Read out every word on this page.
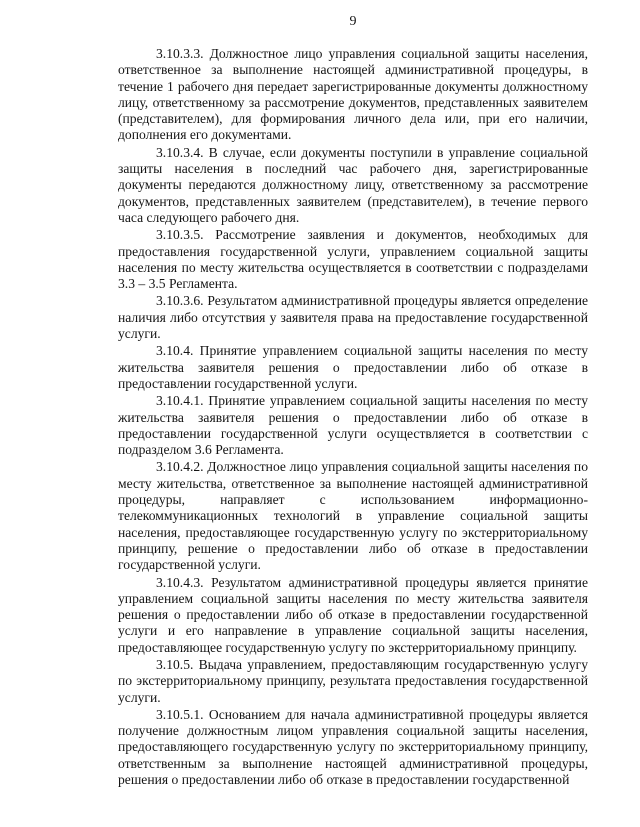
9

3.10.3.3. Должностное лицо управления социальной защиты населения, ответственное за выполнение настоящей административной процедуры, в течение 1 рабочего дня передает зарегистрированные документы должностному лицу, ответственному за рассмотрение документов, представленных заявителем (представителем), для формирования личного дела или, при его наличии, дополнения его документами.

3.10.3.4. В случае, если документы поступили в управление социальной защиты населения в последний час рабочего дня, зарегистрированные документы передаются должностному лицу, ответственному за рассмотрение документов, представленных заявителем (представителем), в течение первого часа следующего рабочего дня.

3.10.3.5. Рассмотрение заявления и документов, необходимых для предоставления государственной услуги, управлением социальной защиты населения по месту жительства осуществляется в соответствии с подразделами 3.3 – 3.5 Регламента.

3.10.3.6. Результатом административной процедуры является определение наличия либо отсутствия у заявителя права на предоставление государственной услуги.

3.10.4. Принятие управлением социальной защиты населения по месту жительства заявителя решения о предоставлении либо об отказе в предоставлении государственной услуги.

3.10.4.1. Принятие управлением социальной защиты населения по месту жительства заявителя решения о предоставлении либо об отказе в предоставлении государственной услуги осуществляется в соответствии с подразделом 3.6 Регламента.

3.10.4.2. Должностное лицо управления социальной защиты населения по месту жительства, ответственное за выполнение настоящей административной процедуры, направляет с использованием информационно-телекоммуникационных технологий в управление социальной защиты населения, предоставляющее государственную услугу по экстерриториальному принципу, решение о предоставлении либо об отказе в предоставлении государственной услуги.

3.10.4.3. Результатом административной процедуры является принятие управлением социальной защиты населения по месту жительства заявителя решения о предоставлении либо об отказе в предоставлении государственной услуги и его направление в управление социальной защиты населения, предоставляющее государственную услугу по экстерриториальному принципу.

3.10.5. Выдача управлением, предоставляющим государственную услугу по экстерриториальному принципу, результата предоставления государственной услуги.

3.10.5.1. Основанием для начала административной процедуры является получение должностным лицом управления социальной защиты населения, предоставляющего государственную услугу по экстерриториальному принципу, ответственным за выполнение настоящей административной процедуры, решения о предоставлении либо об отказе в предоставлении государственной
